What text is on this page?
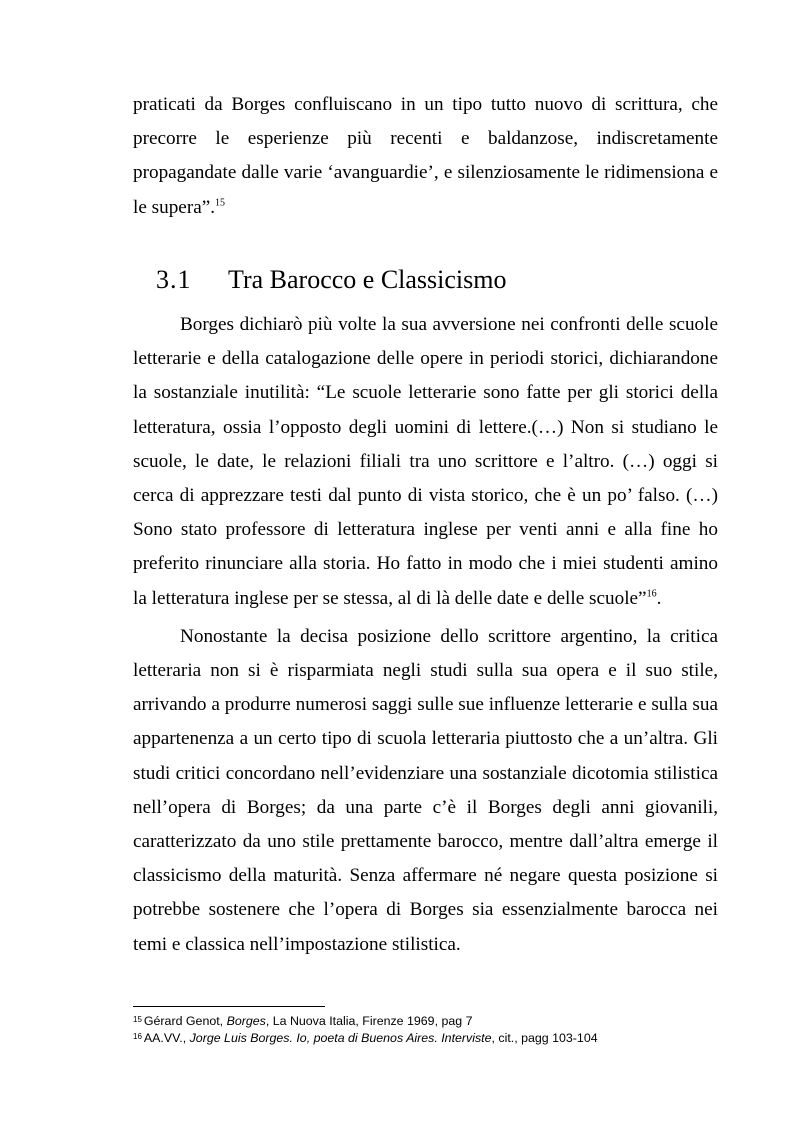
praticati da Borges confluiscano in un tipo tutto nuovo di scrittura, che precorre le esperienze più recenti e baldanzose, indiscretamente propagandate dalle varie ‘avanguardie’, e silenziosamente le ridimensiona e le supera”.$^{15}$

3.1 Tra Barocco e Classicismo

Borges dichiarò più volte la sua avversione nei confronti delle scuole letterarie e della catalogazione delle opere in periodi storici, dichiarandone la sostanziale inutilità: “Le scuole letterarie sono fatte per gli storici della letteratura, ossia l’opposto degli uomini di lettere.(…) Non si studiano le scuole, le date, le relazioni filiali tra uno scrittore e l’altro. (…) oggi si cerca di apprezzare testi dal punto di vista storico, che è un po’ falso. (…) Sono stato professore di letteratura inglese per venti anni e alla fine ho preferito rinunciare alla storia. Ho fatto in modo che i miei studenti amino la letteratura inglese per se stessa, al di là delle date e delle scuole”$^{16}$.

Nonostante la decisa posizione dello scrittore argentino, la critica letteraria non si è risparmiata negli studi sulla sua opera e il suo stile, arrivando a produrre numerosi saggi sulle sue influenze letterarie e sulla sua appartenenza a un certo tipo di scuola letteraria piuttosto che a un’altra. Gli studi critici concordano nell’evidenziare una sostanziale dicotomia stilistica nell’opera di Borges; da una parte c’è il Borges degli anni giovanili, caratterizzato da uno stile prettamente barocco, mentre dall’altra emerge il classicismo della maturità. Senza affermare né negare questa posizione si potrebbe sostenere che l’opera di Borges sia essenzialmente barocca nei temi e classica nell’impostazione stilistica.

$^{15}$ Gérard Genot, Borges, La Nuova Italia, Firenze 1969, pag 7
$^{16}$ AA.VV., Jorge Luis Borges. Io, poeta di Buenos Aires. Interviste, cit., pagg 103-104
